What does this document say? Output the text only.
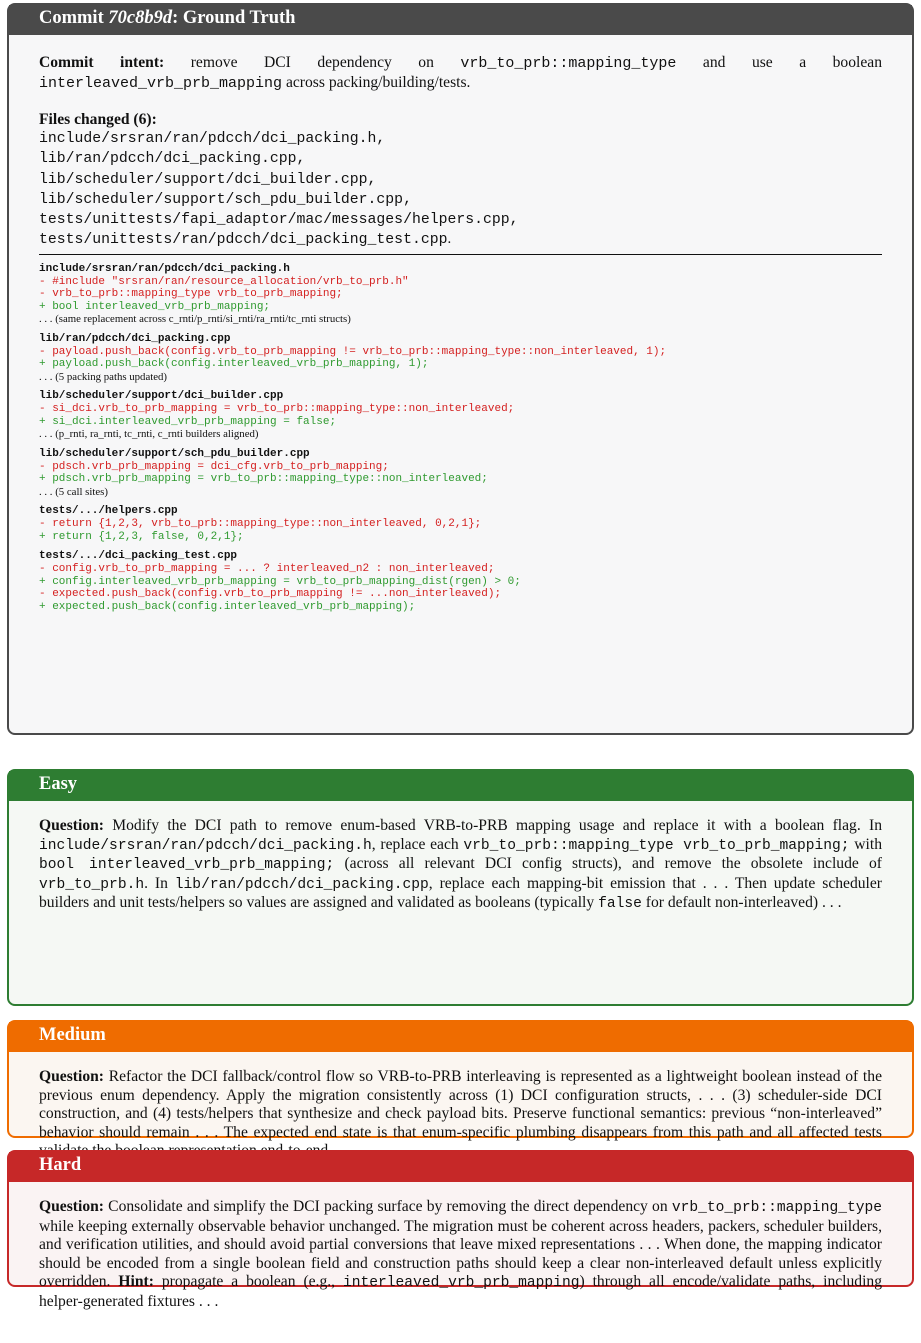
Commit 70c8b9d: Ground Truth
Commit intent: remove DCI dependency on vrb_to_prb::mapping_type and use a boolean interleaved_vrb_prb_mapping across packing/building/tests.
Files changed (6):
include/srsran/ran/pdcch/dci_packing.h,
lib/ran/pdcch/dci_packing.cpp,
lib/scheduler/support/dci_builder.cpp,
lib/scheduler/support/sch_pdu_builder.cpp,
tests/unittests/fapi_adaptor/mac/messages/helpers.cpp,
tests/unittests/ran/pdcch/dci_packing_test.cpp.
include/srsran/ran/pdcch/dci_packing.h
- #include "srsran/ran/resource_allocation/vrb_to_prb.h"
- vrb_to_prb::mapping_type vrb_to_prb_mapping;
+ bool interleaved_vrb_prb_mapping;
. . . (same replacement across c_rnti/p_rnti/si_rnti/ra_rnti/tc_rnti structs)
lib/ran/pdcch/dci_packing.cpp
- payload.push_back(config.vrb_to_prb_mapping != vrb_to_prb::mapping_type::non_interleaved, 1);
+ payload.push_back(config.interleaved_vrb_prb_mapping, 1);
. . . (5 packing paths updated)
lib/scheduler/support/dci_builder.cpp
- si_dci.vrb_to_prb_mapping = vrb_to_prb::mapping_type::non_interleaved;
+ si_dci.interleaved_vrb_prb_mapping = false;
. . . (p_rnti, ra_rnti, tc_rnti, c_rnti builders aligned)
lib/scheduler/support/sch_pdu_builder.cpp
- pdsch.vrb_prb_mapping = dci_cfg.vrb_to_prb_mapping;
+ pdsch.vrb_prb_mapping = vrb_to_prb::mapping_type::non_interleaved;
. . . (5 call sites)
tests/.../helpers.cpp
- return {1,2,3, vrb_to_prb::mapping_type::non_interleaved, 0,2,1};
+ return {1,2,3, false, 0,2,1};
tests/.../dci_packing_test.cpp
- config.vrb_to_prb_mapping = ... ? interleaved_n2 : non_interleaved;
+ config.interleaved_vrb_prb_mapping = vrb_to_prb_mapping_dist(rgen) > 0;
- expected.push_back(config.vrb_to_prb_mapping != ...non_interleaved);
+ expected.push_back(config.interleaved_vrb_prb_mapping);
Easy
Question: Modify the DCI path to remove enum-based VRB-to-PRB mapping usage and replace it with a boolean flag. In include/srsran/ran/pdcch/dci_packing.h, replace each vrb_to_prb::mapping_type vrb_to_prb_mapping; with bool interleaved_vrb_prb_mapping; (across all relevant DCI config structs), and remove the obsolete include of vrb_to_prb.h. In lib/ran/pdcch/dci_packing.cpp, replace each mapping-bit emission that . . . Then update scheduler builders and unit tests/helpers so values are assigned and validated as booleans (typically false for default non-interleaved) . . .
Medium
Question: Refactor the DCI fallback/control flow so VRB-to-PRB interleaving is represented as a lightweight boolean instead of the previous enum dependency. Apply the migration consistently across (1) DCI configuration structs, . . . (3) scheduler-side DCI construction, and (4) tests/helpers that synthesize and check payload bits. Preserve functional semantics: previous “non-interleaved” behavior should remain . . . The expected end state is that enum-specific plumbing disappears from this path and all affected tests
Hard
Question: Consolidate and simplify the DCI packing surface by removing the direct dependency on vrb_to_prb::mapping_type while keeping externally observable behavior unchanged. The migration must be coherent across headers, packers, scheduler builders, and verification utilities, and should avoid partial conversions that leave mixed representations . . . When done, the mapping indicator should be encoded from a single boolean field and construction paths should keep a clear non-interleaved default unless explicitly overridden. Hint: propagate a boolean (e.g., interleaved_vrb_prb_mapping) through all encode/validate paths, including helper-generated fixtures . . .
